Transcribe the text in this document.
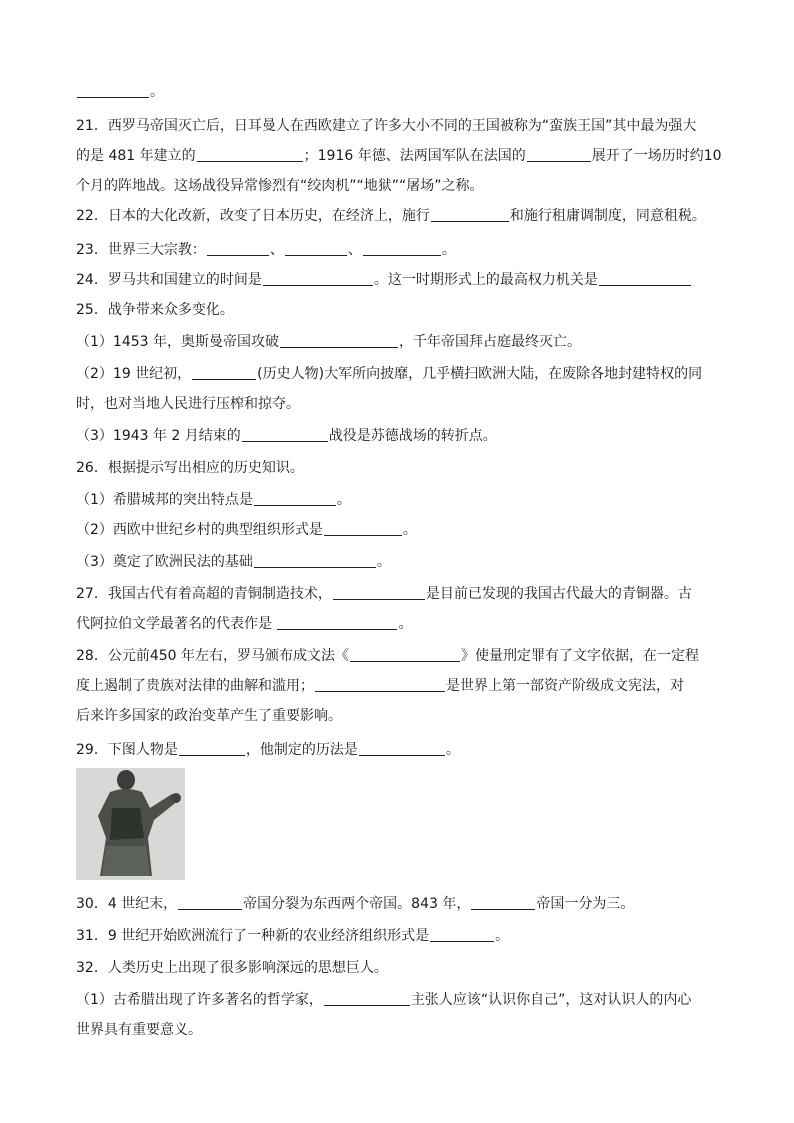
。
21．西罗马帝国灭亡后，日耳曼人在西欧建立了许多大小不同的王国被称为“蛮族王国”其中最为强大
的是 481 年建立的	；1916 年德、法两国军队在法国的	展开了一场历时约10
个月的阵地战。这场战役异常惨烈有“绞肉机”“地狱”“屠场”之称。
22．日本的大化改新，改变了日本历史，在经济上，施行	和施行租庸调制度，同意租税。
23．世界三大宗教：	、	、	。
24．罗马共和国建立的时间是	。这一时期形式上的最高权力机关是
25．战争带来众多变化。
（1）1453 年，奥斯曼帝国攻破	，千年帝国拜占庭最终灭亡。
（2）19 世纪初，	(历史人物)大军所向披靡，几乎横扫欧洲大陆，在废除各地封建特权的同
时，也对当地人民进行压榨和掠夺。
（3）1943 年 2 月结束的	战役是苏德战场的转折点。
26．根据提示写出相应的历史知识。
（1）希腊城邦的突出特点是	。
（2）西欧中世纪乡村的典型组织形式是	。
（3）奠定了欧洲民法的基础	。
27．我国古代有着高超的青铜制造技术，	是目前已发现的我国古代最大的青铜器。古
代阿拉伯文学最著名的代表作是	。
28．公元前450 年左右，罗马颁布成文法《	》使量刑定罪有了文字依据，在一定程
度上遏制了贵族对法律的曲解和滥用；	是世界上第一部资产阶级成文宪法，对
后来许多国家的政治变革产生了重要影响。
29．下图人物是	，他制定的历法是	。
30．4 世纪末，	帝国分裂为东西两个帝国。843 年，	帝国一分为三。
31．9 世纪开始欧洲流行了一种新的农业经济组织形式是	。
32．人类历史上出现了很多影响深远的思想巨人。
（1）古希腊出现了许多著名的哲学家，	主张人应该“认识你自己”，这对认识人的内心
世界具有重要意义。
